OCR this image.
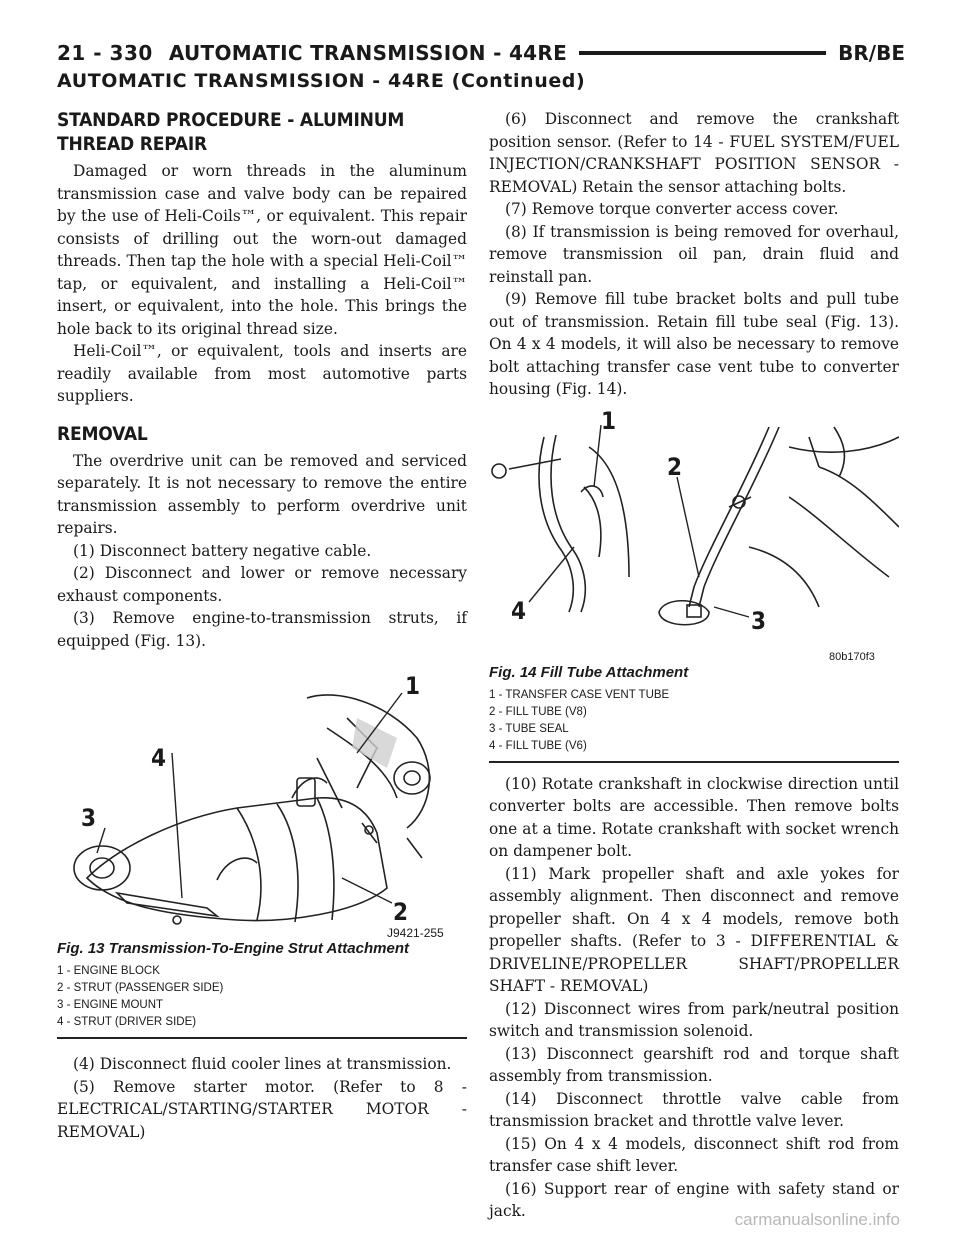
21 - 330 AUTOMATIC TRANSMISSION - 44RE	BR/BE
AUTOMATIC TRANSMISSION - 44RE (Continued)
STANDARD PROCEDURE - ALUMINUM THREAD REPAIR

Damaged or worn threads in the aluminum transmission case and valve body can be repaired by the use of Heli-Coils™, or equivalent. This repair consists of drilling out the worn-out damaged threads. Then tap the hole with a special Heli-Coil™ tap, or equivalent, and installing a Heli-Coil™ insert, or equivalent, into the hole. This brings the hole back to its original thread size.

Heli-Coil™, or equivalent, tools and inserts are readily available from most automotive parts suppliers.

REMOVAL

The overdrive unit can be removed and serviced separately. It is not necessary to remove the entire transmission assembly to perform overdrive unit repairs.

(1) Disconnect battery negative cable.

(2) Disconnect and lower or remove necessary exhaust components.

(3) Remove engine-to-transmission struts, if equipped (Fig. 13).

1
2
3
4
J9421-255
Fig. 13 Transmission-To-Engine Strut Attachment
1 - ENGINE BLOCK
2 - STRUT (PASSENGER SIDE)
3 - ENGINE MOUNT
4 - STRUT (DRIVER SIDE)

(4) Disconnect fluid cooler lines at transmission.

(5) Remove starter motor. (Refer to 8 - ELECTRICAL/STARTING/STARTER MOTOR - REMOVAL)

(6) Disconnect and remove the crankshaft position sensor. (Refer to 14 - FUEL SYSTEM/FUEL INJECTION/CRANKSHAFT POSITION SENSOR - REMOVAL) Retain the sensor attaching bolts.

(7) Remove torque converter access cover.

(8) If transmission is being removed for overhaul, remove transmission oil pan, drain fluid and reinstall pan.

(9) Remove fill tube bracket bolts and pull tube out of transmission. Retain fill tube seal (Fig. 13). On 4 x 4 models, it will also be necessary to remove bolt attaching transfer case vent tube to converter housing (Fig. 14).

1
2
3
4
80b170f3
Fig. 14 Fill Tube Attachment
1 - TRANSFER CASE VENT TUBE
2 - FILL TUBE (V8)
3 - TUBE SEAL
4 - FILL TUBE (V6)

(10) Rotate crankshaft in clockwise direction until converter bolts are accessible. Then remove bolts one at a time. Rotate crankshaft with socket wrench on dampener bolt.

(11) Mark propeller shaft and axle yokes for assembly alignment. Then disconnect and remove propeller shaft. On 4 x 4 models, remove both propeller shafts. (Refer to 3 - DIFFERENTIAL & DRIVELINE/PROPELLER SHAFT/PROPELLER SHAFT - REMOVAL)

(12) Disconnect wires from park/neutral position switch and transmission solenoid.

(13) Disconnect gearshift rod and torque shaft assembly from transmission.

(14) Disconnect throttle valve cable from transmission bracket and throttle valve lever.

(15) On 4 x 4 models, disconnect shift rod from transfer case shift lever.

(16) Support rear of engine with safety stand or jack.	carmanualsonline.info
